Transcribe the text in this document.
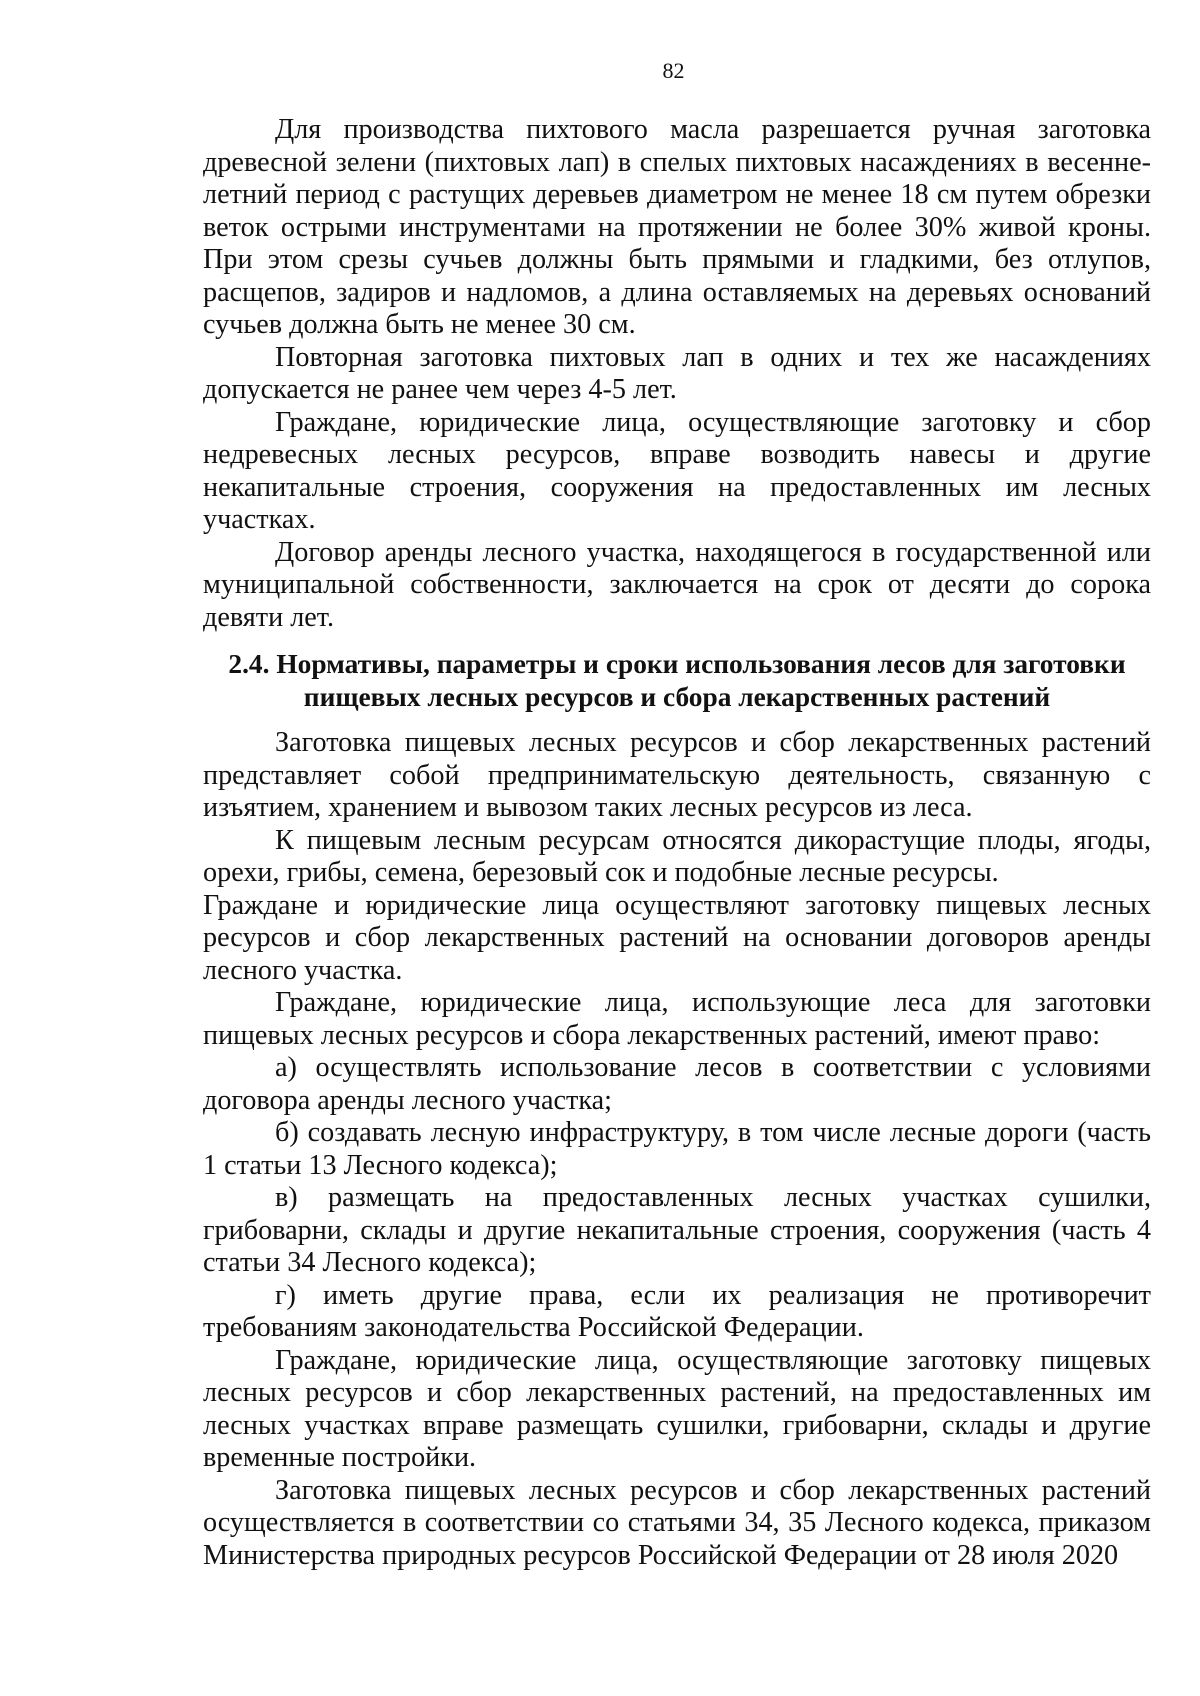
82

Для производства пихтового масла разрешается ручная заготовка древесной зелени (пихтовых лап) в спелых пихтовых насаждениях в весеннелетний период с растущих деревьев диаметром не менее 18 см путем обрезки веток острыми инструментами на протяжении не более 30% живой кроны. При этом срезы сучьев должны быть прямыми и гладкими, без отлупов, расщепов, задиров и надломов, а длина оставляемых на деревьях оснований сучьев должна быть не менее 30 см.

Повторная заготовка пихтовых лап в одних и тех же насаждениях допускается не ранее чем через 4-5 лет.

Граждане, юридические лица, осуществляющие заготовку и сбор недревесных лесных ресурсов, вправе возводить навесы и другие некапитальные строения, сооружения на предоставленных им лесных участках.

Договор аренды лесного участка, находящегося в государственной или муниципальной собственности, заключается на срок от десяти до сорока девяти лет.

2.4. Нормативы, параметры и сроки использования лесов для заготовки
пищевых лесных ресурсов и сбора лекарственных растений

Заготовка пищевых лесных ресурсов и сбор лекарственных растений представляет собой предпринимательскую деятельность, связанную с изъятием, хранением и вывозом таких лесных ресурсов из леса.

К пищевым лесным ресурсам относятся дикорастущие плоды, ягоды, орехи, грибы, семена, березовый сок и подобные лесные ресурсы.

Граждане и юридические лица осуществляют заготовку пищевых лесных ресурсов и сбор лекарственных растений на основании договоров аренды лесного участка.

Граждане, юридические лица, использующие леса для заготовки пищевых лесных ресурсов и сбора лекарственных растений, имеют право:

а) осуществлять использование лесов в соответствии с условиями договора аренды лесного участка;

б) создавать лесную инфраструктуру, в том числе лесные дороги (часть 1 статьи 13 Лесного кодекса);

в) размещать на предоставленных лесных участках сушилки, грибоварни, склады и другие некапитальные строения, сооружения (часть 4 статьи 34 Лесного кодекса);

г) иметь другие права, если их реализация не противоречит требованиям законодательства Российской Федерации.

Граждане, юридические лица, осуществляющие заготовку пищевых лесных ресурсов и сбор лекарственных растений, на предоставленных им лесных участках вправе размещать сушилки, грибоварни, склады и другие временные постройки.

Заготовка пищевых лесных ресурсов и сбор лекарственных растений осуществляется в соответствии со статьями 34, 35 Лесного кодекса, приказом Министерства природных ресурсов Российской Федерации от 28 июля 2020
